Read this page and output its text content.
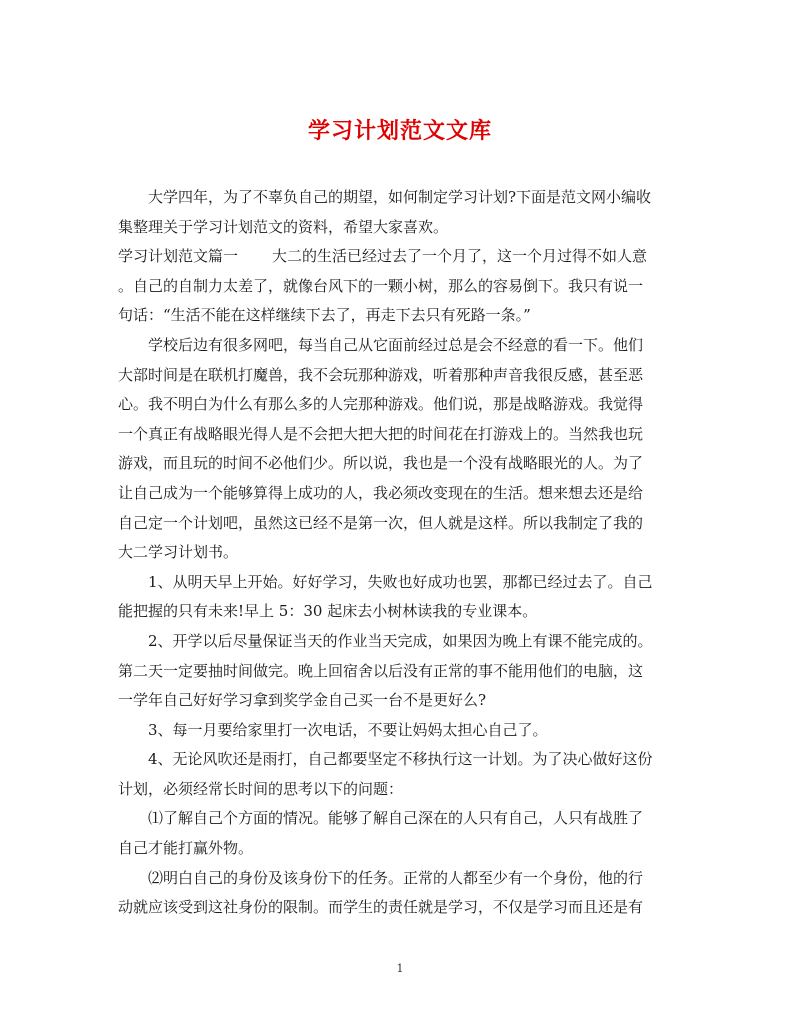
学习计划范文文库
大学四年，为了不辜负自己的期望，如何制定学习计划?下面是范文网小编收
集整理关于学习计划范文的资料，希望大家喜欢。
学习计划范文篇一 大二的生活已经过去了一个月了，这一个月过得不如人意
。自己的自制力太差了，就像台风下的一颗小树，那么的容易倒下。我只有说一
句话：“生活不能在这样继续下去了，再走下去只有死路一条。”
学校后边有很多网吧，每当自己从它面前经过总是会不经意的看一下。他们
大部时间是在联机打魔兽，我不会玩那种游戏，听着那种声音我很反感，甚至恶
心。我不明白为什么有那么多的人完那种游戏。他们说，那是战略游戏。我觉得
一个真正有战略眼光得人是不会把大把大把的时间花在打游戏上的。当然我也玩
游戏，而且玩的时间不必他们少。所以说，我也是一个没有战略眼光的人。为了
让自己成为一个能够算得上成功的人，我必须改变现在的生活。想来想去还是给
自己定一个计划吧，虽然这已经不是第一次，但人就是这样。所以我制定了我的
大二学习计划书。
1、从明天早上开始。好好学习，失败也好成功也罢，那都已经过去了。自己
能把握的只有未来!早上 5：30 起床去小树林读我的专业课本。
2、开学以后尽量保证当天的作业当天完成，如果因为晚上有课不能完成的。
第二天一定要抽时间做完。晚上回宿舍以后没有正常的事不能用他们的电脑，这
一学年自己好好学习拿到奖学金自己买一台不是更好么?
3、每一月要给家里打一次电话，不要让妈妈太担心自己了。
4、无论风吹还是雨打，自己都要坚定不移执行这一计划。为了决心做好这份
计划，必须经常长时间的思考以下的问题：
⑴了解自己个方面的情况。能够了解自己深在的人只有自己，人只有战胜了
自己才能打赢外物。
⑵明白自己的身份及该身份下的任务。正常的人都至少有一个身份，他的行
动就应该受到这社身份的限制。而学生的责任就是学习，不仅是学习而且还是有
1
